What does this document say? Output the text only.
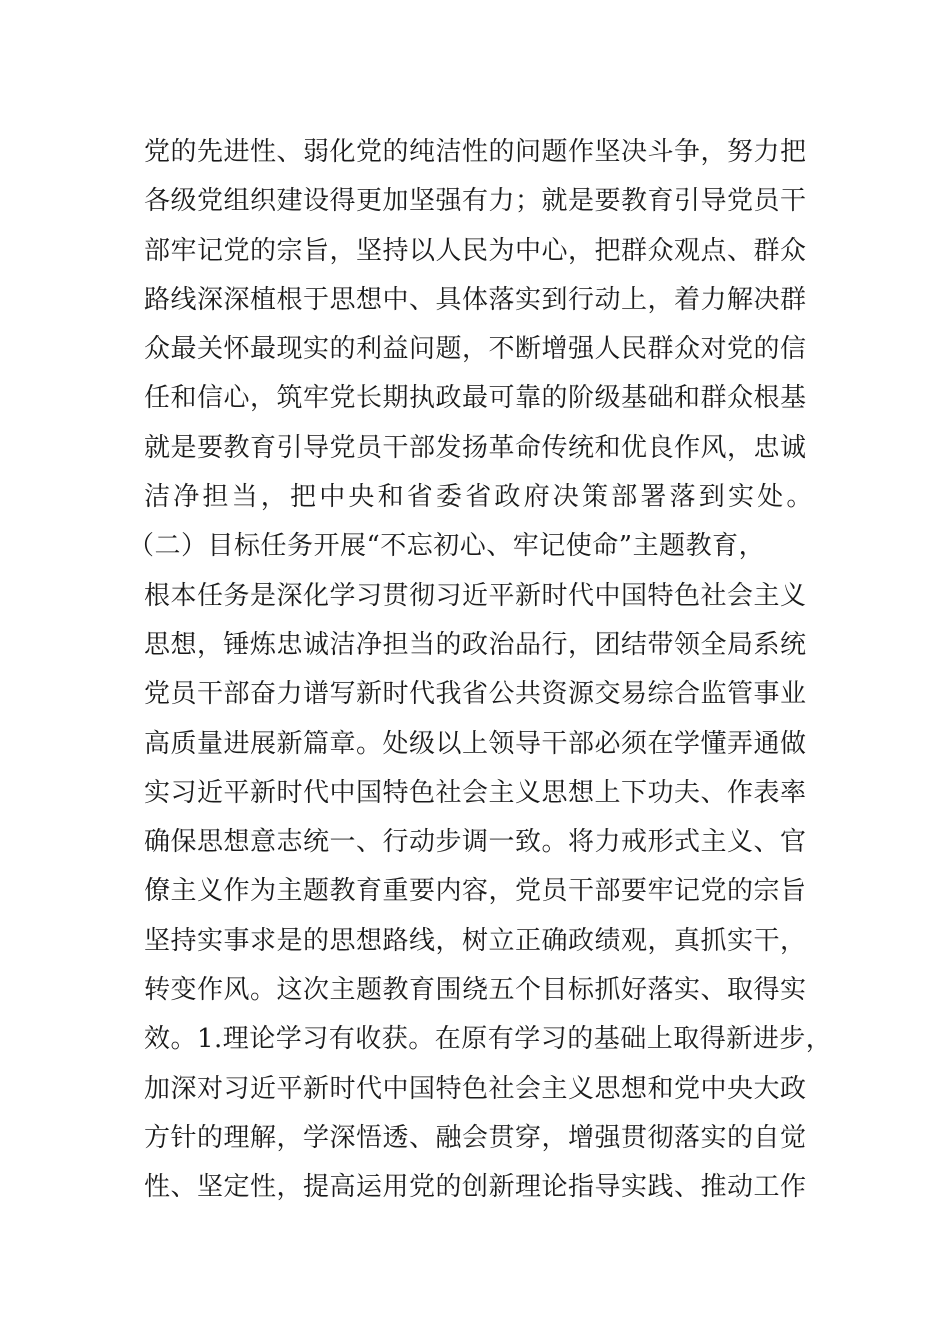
党的先进性、弱化党的纯洁性的问题作坚决斗争，努力把
各级党组织建设得更加坚强有力；就是要教育引导党员干
部牢记党的宗旨，坚持以人民为中心，把群众观点、群众
路线深深植根于思想中、具体落实到行动上，着力解决群
众最关怀最现实的利益问题，不断增强人民群众对党的信
任和信心，筑牢党长期执政最可靠的阶级基础和群众根基
就是要教育引导党员干部发扬革命传统和优良作风，忠诚
洁净担当，把中央和省委省政府决策部署落到实处。
（二）目标任务开展“不忘初心、牢记使命”主题教育，
根本任务是深化学习贯彻习近平新时代中国特色社会主义
思想，锤炼忠诚洁净担当的政治品行，团结带领全局系统
党员干部奋力谱写新时代我省公共资源交易综合监管事业
高质量进展新篇章。处级以上领导干部必须在学懂弄通做
实习近平新时代中国特色社会主义思想上下功夫、作表率
确保思想意志统一、行动步调一致。将力戒形式主义、官
僚主义作为主题教育重要内容，党员干部要牢记党的宗旨
坚持实事求是的思想路线，树立正确政绩观，真抓实干，
转变作风。这次主题教育围绕五个目标抓好落实、取得实
效。1.理论学习有收获。在原有学习的基础上取得新进步，
加深对习近平新时代中国特色社会主义思想和党中央大政
方针的理解，学深悟透、融会贯穿，增强贯彻落实的自觉
性、坚定性，提高运用党的创新理论指导实践、推动工作
